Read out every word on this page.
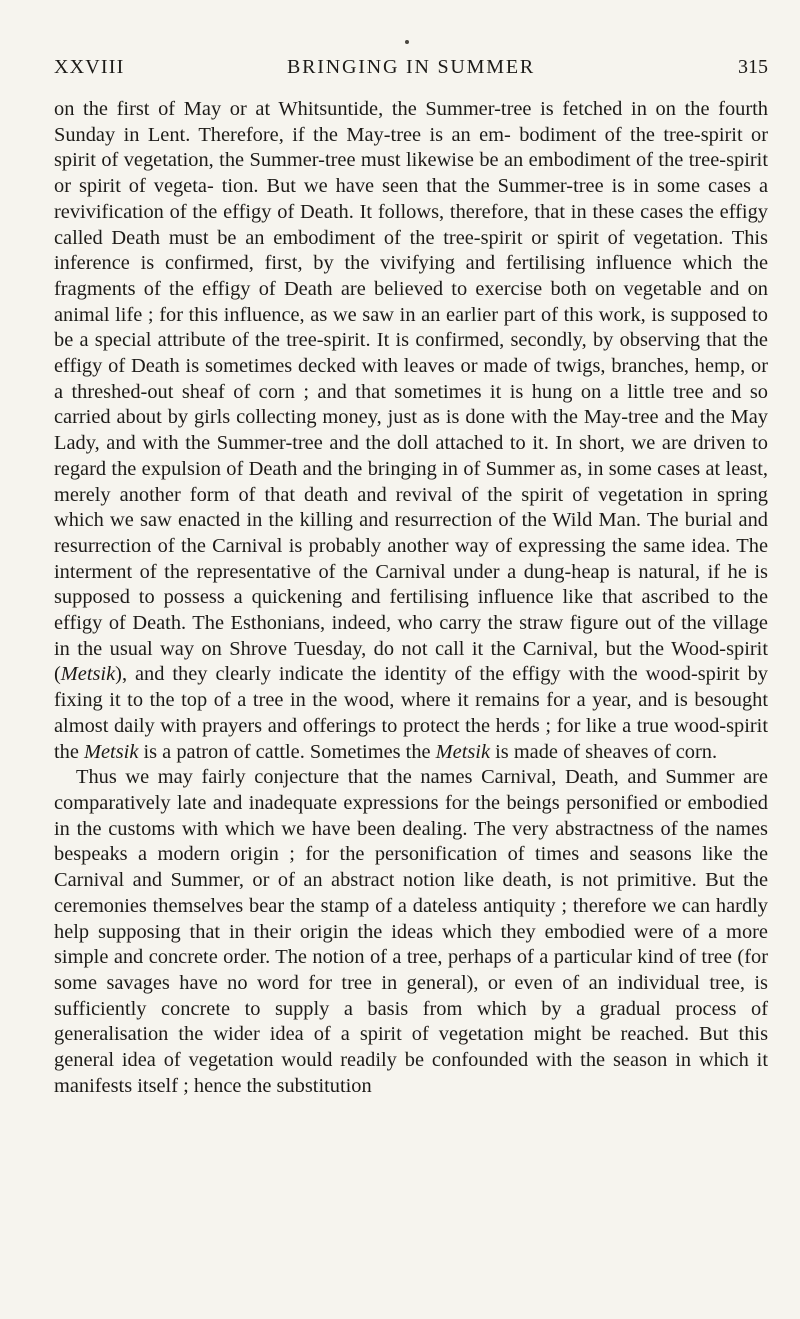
XXVIII	BRINGING IN SUMMER	315

on the first of May or at Whitsuntide, the Summer-tree is fetched in on the fourth Sunday in Lent. Therefore, if the May-tree is an em- bodiment of the tree-spirit or spirit of vegetation, the Summer-tree must likewise be an embodiment of the tree-spirit or spirit of vegeta- tion. But we have seen that the Summer-tree is in some cases a revivification of the effigy of Death. It follows, therefore, that in these cases the effigy called Death must be an embodiment of the tree-spirit or spirit of vegetation. This inference is confirmed, first, by the vivifying and fertilising influence which the fragments of the effigy of Death are believed to exercise both on vegetable and on animal life ; for this influence, as we saw in an earlier part of this work, is supposed to be a special attribute of the tree-spirit. It is confirmed, secondly, by observing that the effigy of Death is sometimes decked with leaves or made of twigs, branches, hemp, or a threshed-out sheaf of corn ; and that sometimes it is hung on a little tree and so carried about by girls collecting money, just as is done with the May-tree and the May Lady, and with the Summer-tree and the doll attached to it. In short, we are driven to regard the expulsion of Death and the bringing in of Summer as, in some cases at least, merely another form of that death and revival of the spirit of vegetation in spring which we saw enacted in the killing and resurrection of the Wild Man. The burial and resurrection of the Carnival is probably another way of expressing the same idea. The interment of the representative of the Carnival under a dung-heap is natural, if he is supposed to possess a quickening and fertilising influence like that ascribed to the effigy of Death. The Esthonians, indeed, who carry the straw figure out of the village in the usual way on Shrove Tuesday, do not call it the Carnival, but the Wood-spirit (Metsik), and they clearly indicate the identity of the effigy with the wood-spirit by fixing it to the top of a tree in the wood, where it remains for a year, and is besought almost daily with prayers and offerings to protect the herds ; for like a true wood-spirit the Metsik is a patron of cattle. Sometimes the Metsik is made of sheaves of corn.

Thus we may fairly conjecture that the names Carnival, Death, and Summer are comparatively late and inadequate expressions for the beings personified or embodied in the customs with which we have been dealing. The very abstractness of the names bespeaks a modern origin ; for the personification of times and seasons like the Carnival and Summer, or of an abstract notion like death, is not primitive. But the ceremonies themselves bear the stamp of a dateless antiquity ; therefore we can hardly help supposing that in their origin the ideas which they embodied were of a more simple and concrete order. The notion of a tree, perhaps of a particular kind of tree (for some savages have no word for tree in general), or even of an individual tree, is sufficiently concrete to supply a basis from which by a gradual process of generalisation the wider idea of a spirit of vegetation might be reached. But this general idea of vegetation would readily be confounded with the season in which it manifests itself ; hence the substitution
